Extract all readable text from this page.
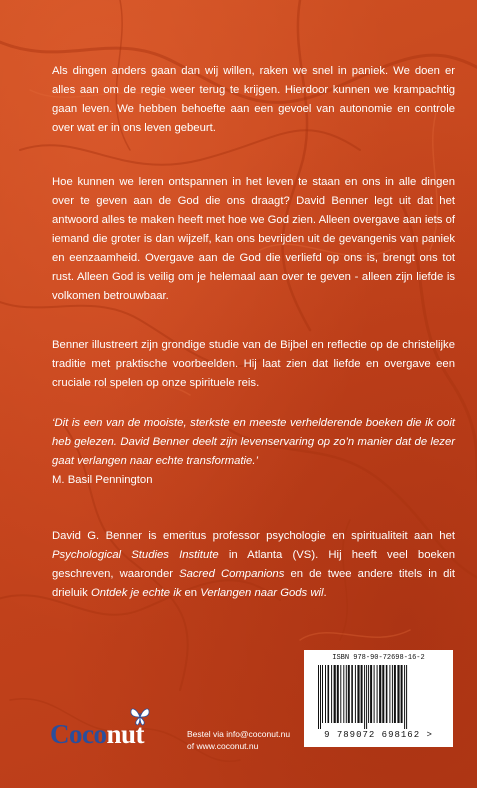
Als dingen anders gaan dan wij willen, raken we snel in paniek. We doen er alles aan om de regie weer terug te krijgen. Hierdoor kunnen we krampachtig gaan leven. We hebben behoefte aan een gevoel van autonomie en controle over wat er in ons leven gebeurt.

Hoe kunnen we leren ontspannen in het leven te staan en ons in alle dingen over te geven aan de God die ons draagt? David Benner legt uit dat het antwoord alles te maken heeft met hoe we God zien. Alleen overgave aan iets of iemand die groter is dan wijzelf, kan ons bevrijden uit de gevangenis van paniek en eenzaamheid. Overgave aan de God die verliefd op ons is, brengt ons tot rust. Alleen God is veilig om je helemaal aan over te geven - alleen zijn liefde is volkomen betrouwbaar.

Benner illustreert zijn grondige studie van de Bijbel en reflectie op de christelijke traditie met praktische voorbeelden. Hij laat zien dat liefde en overgave een cruciale rol spelen op onze spirituele reis.

‘Dit is een van de mooiste, sterkste en meeste verhelderende boeken die ik ooit heb gelezen. David Benner deelt zijn levenservaring op zo’n manier dat de lezer gaat verlangen naar echte transformatie.’

M. Basil Pennington

David G. Benner is emeritus professor psychologie en spiritualiteit aan het Psychological Studies Institute in Atlanta (VS). Hij heeft veel boeken geschreven, waaronder Sacred Companions en de twee andere titels in dit drieluik Ontdek je echte ik en Verlangen naar Gods wil.

Coconut	Bestel via info@coconut.nu
of www.coconut.nu
ISBN 978-90-72698-16-2
9 789072 698162 >
